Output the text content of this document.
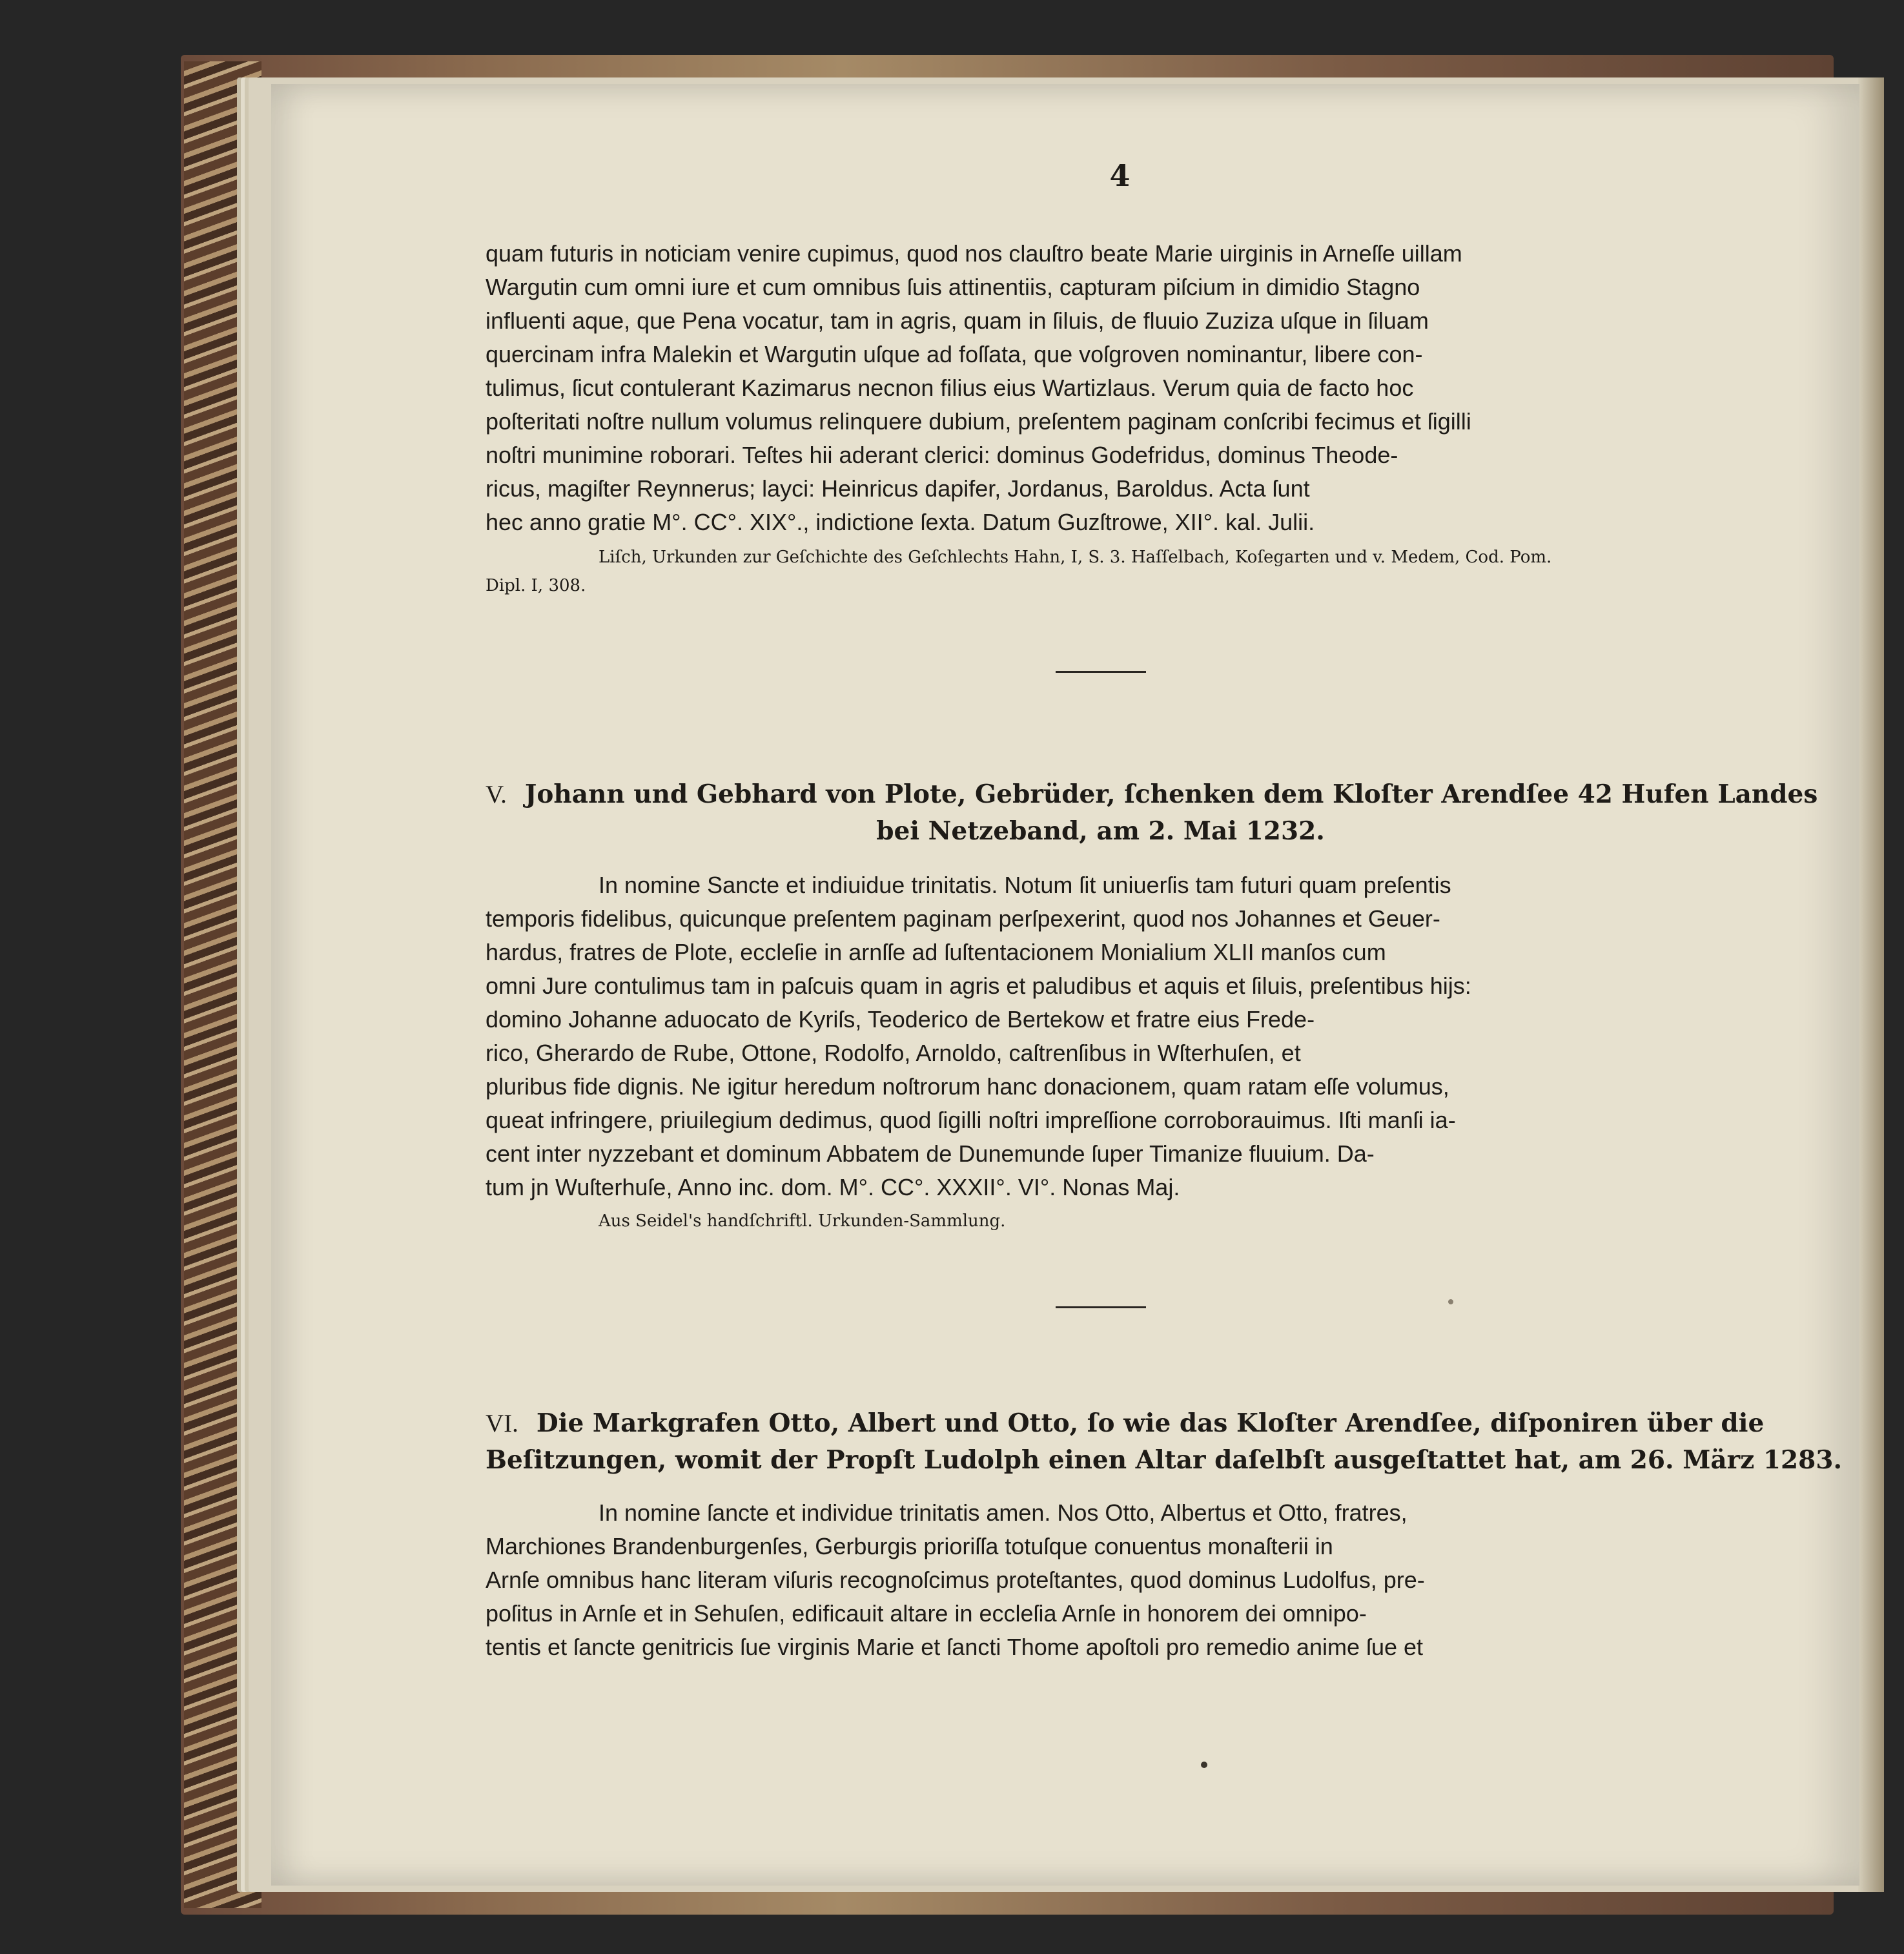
4
quam futuris in noticiam venire cupimus, quod nos clauſtro beate Marie uirginis in Arneſſe uillam
Wargutin cum omni iure et cum omnibus ſuis attinentiis, capturam piſcium in dimidio Stagno
influenti aque, que Pena vocatur, tam in agris, quam in ſiluis, de fluuio Zuziza uſque in ſiluam
quercinam infra Malekin et Wargutin uſque ad foſſata, que voſgroven nominantur, libere con-
tulimus, ſicut contulerant Kazimarus necnon filius eius Wartizlaus. Verum quia de facto hoc
poſteritati noſtre nullum volumus relinquere dubium, preſentem paginam conſcribi fecimus et ſigilli
noſtri munimine roborari. Teſtes hii aderant clerici: dominus Godefridus, dominus Theode-
ricus, magiſter Reynnerus; layci: Heinricus dapifer, Jordanus, Baroldus. Acta ſunt
hec anno gratie M°. CC°. XIX°., indictione ſexta. Datum Guzſtrowe, XII°. kal. Julii.
Liſch, Urkunden zur Geſchichte des Geſchlechts Hahn, I, S. 3. Haſſelbach, Koſegarten und v. Medem, Cod. Pom.
Dipl. I, 308.
V. Johann und Gebhard von Plote, Gebrüder, ſchenken dem Kloſter Arendſee 42 Hufen Landes
bei Netzeband, am 2. Mai 1232.
In nomine Sancte et indiuidue trinitatis. Notum ſit uniuerſis tam futuri quam preſentis
temporis fidelibus, quicunque preſentem paginam perſpexerint, quod nos Johannes et Geuer-
hardus, fratres de Plote, eccleſie in arnſſe ad ſuſtentacionem Monialium XLII manſos cum
omni Jure contulimus tam in paſcuis quam in agris et paludibus et aquis et ſiluis, preſentibus hijs:
domino Johanne aduocato de Kyriſs, Teoderico de Bertekow et fratre eius Frede-
rico, Gherardo de Rube, Ottone, Rodolfo, Arnoldo, caſtrenſibus in Wſterhuſen, et
pluribus fide dignis. Ne igitur heredum noſtrorum hanc donacionem, quam ratam eſſe volumus,
queat infringere, priuilegium dedimus, quod ſigilli noſtri impreſſione corroborauimus. Iſti manſi ia-
cent inter nyzzebant et dominum Abbatem de Dunemunde ſuper Timanize fluuium. Da-
tum jn Wuſterhuſe, Anno inc. dom. M°. CC°. XXXII°. VI°. Nonas Maj.
Aus Seidel's handſchriftl. Urkunden-Sammlung.
VI. Die Markgrafen Otto, Albert und Otto, ſo wie das Kloſter Arendſee, diſponiren über die
Beſitzungen, womit der Propſt Ludolph einen Altar daſelbſt ausgeſtattet hat, am 26. März 1283.
In nomine ſancte et individue trinitatis amen. Nos Otto, Albertus et Otto, fratres,
Marchiones Brandenburgenſes, Gerburgis prioriſſa totuſque conuentus monaſterii in
Arnſe omnibus hanc literam viſuris recognoſcimus proteſtantes, quod dominus Ludolfus, pre-
poſitus in Arnſe et in Sehuſen, edificauit altare in eccleſia Arnſe in honorem dei omnipo-
tentis et ſancte genitricis ſue virginis Marie et ſancti Thome apoſtoli pro remedio anime ſue et
